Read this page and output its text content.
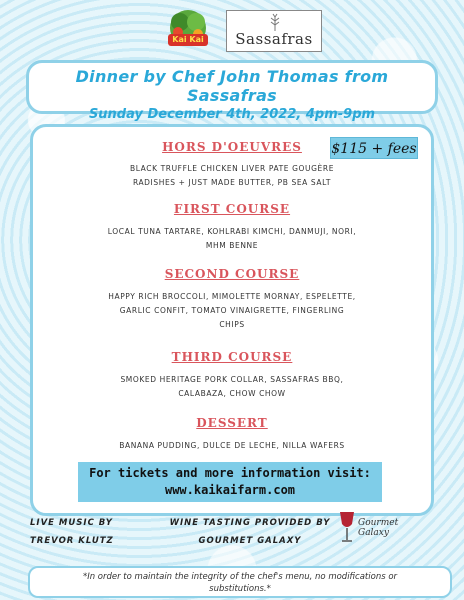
Kai Kai Sassafras
Dinner by Chef John Thomas from Sassafras
Sunday December 4th, 2022, 4pm-9pm
$115 + fees
HORS D'OEUVRES
BLACK TRUFFLE CHICKEN LIVER PATE GOUGÈRE
RADISHES + JUST MADE BUTTER, PB SEA SALT
FIRST COURSE
LOCAL TUNA TARTARE, KOHLRABI KIMCHI, DANMUJI, NORI,
MHM BENNE
SECOND COURSE
HAPPY RICH BROCCOLI, MIMOLETTE MORNAY, ESPELETTE,
GARLIC CONFIT, TOMATO VINAIGRETTE, FINGERLING
CHIPS
THIRD COURSE
SMOKED HERITAGE PORK COLLAR, SASSAFRAS BBQ,
CALABAZA, CHOW CHOW
DESSERT
BANANA PUDDING, DULCE DE LECHE, NILLA WAFERS
For tickets and more information visit:
www.kaikaifarm.com
LIVE MUSIC BY
TREVOR KLUTZ
WINE TASTING PROVIDED BY
GOURMET GALAXY
Gourmet Galaxy
*In order to maintain the integrity of the chef's menu, no modifications or
substitutions.*
